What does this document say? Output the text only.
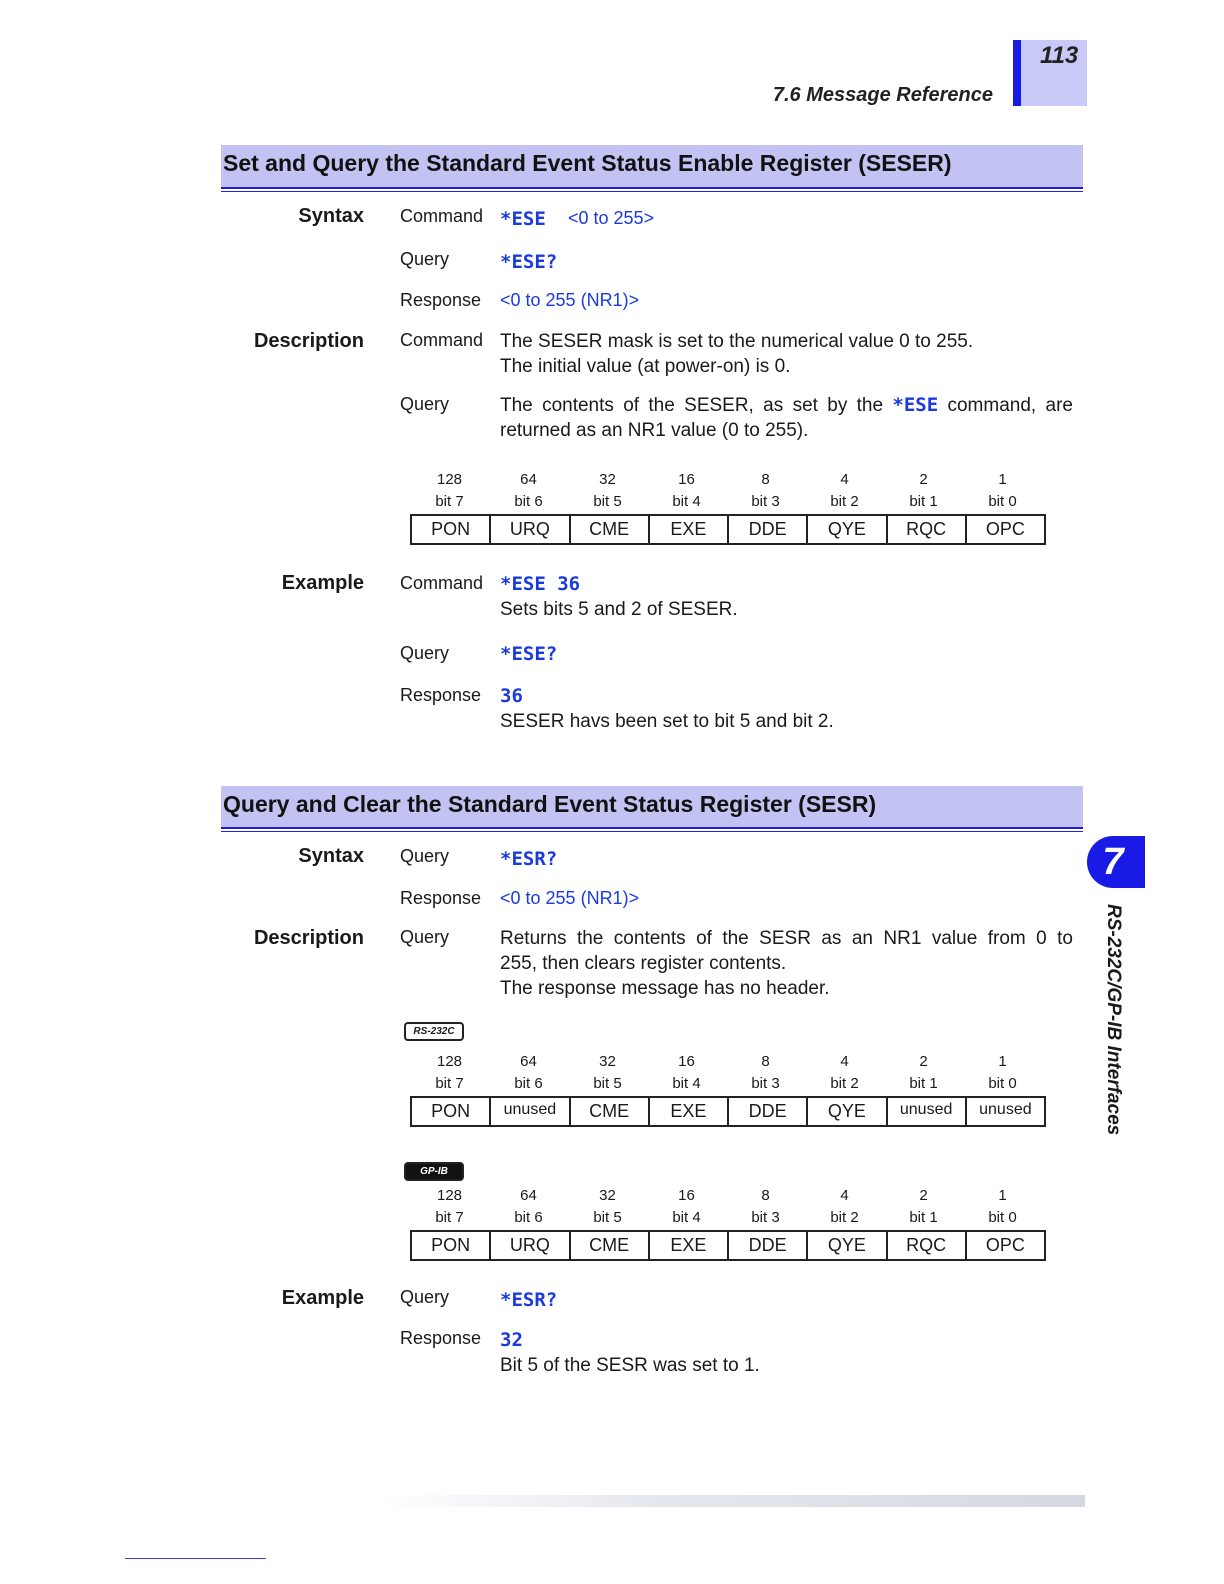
113
7.6 Message Reference
Set and Query the Standard Event Status Enable Register (SESER)
Syntax Command *ESE <0 to 255>
Query	*ESE?
Response <0 to 255 (NR1)>
Description Command The SESER mask is set to the numerical value 0 to 255.
The initial value (at power-on) is 0.
Query	The contents of the SESER, as set by the *ESE command, are returned as an NR1 value (0 to 255).
128	64	32	16	8	4	2	1
bit 7	bit 6	bit 5	bit 4	bit 3	bit 2	bit 1	bit 0
PON	URQ	CME	EXE	DDE	QYE	RQC	OPC
Example Command *ESE 36
Sets bits 5 and 2 of SESER.
Query	*ESE?
Response 36
SESER havs been set to bit 5 and bit 2.
Query and Clear the Standard Event Status Register (SESR)
Syntax Query	*ESR?
Response <0 to 255 (NR1)>
Description Query	Returns the contents of the SESR as an NR1 value from 0 to
255, then clears register contents.
The response message has no header.
RS-232C
128	64	32	16	8	4	2	1
bit 7	bit 6	bit 5	bit 4	bit 3	bit 2	bit 1	bit 0
PON	unused	CME	EXE	DDE	QYE	unused	unused
GP-IB
128	64	32	16	8	4	2	1
bit 7	bit 6	bit 5	bit 4	bit 3	bit 2	bit 1	bit 0
PON	URQ	CME	EXE	DDE	QYE	RQC	OPC
Example Query	*ESR?
Response 32
Bit 5 of the SESR was set to 1.
7
RS-232C/GP-IB Interfaces
